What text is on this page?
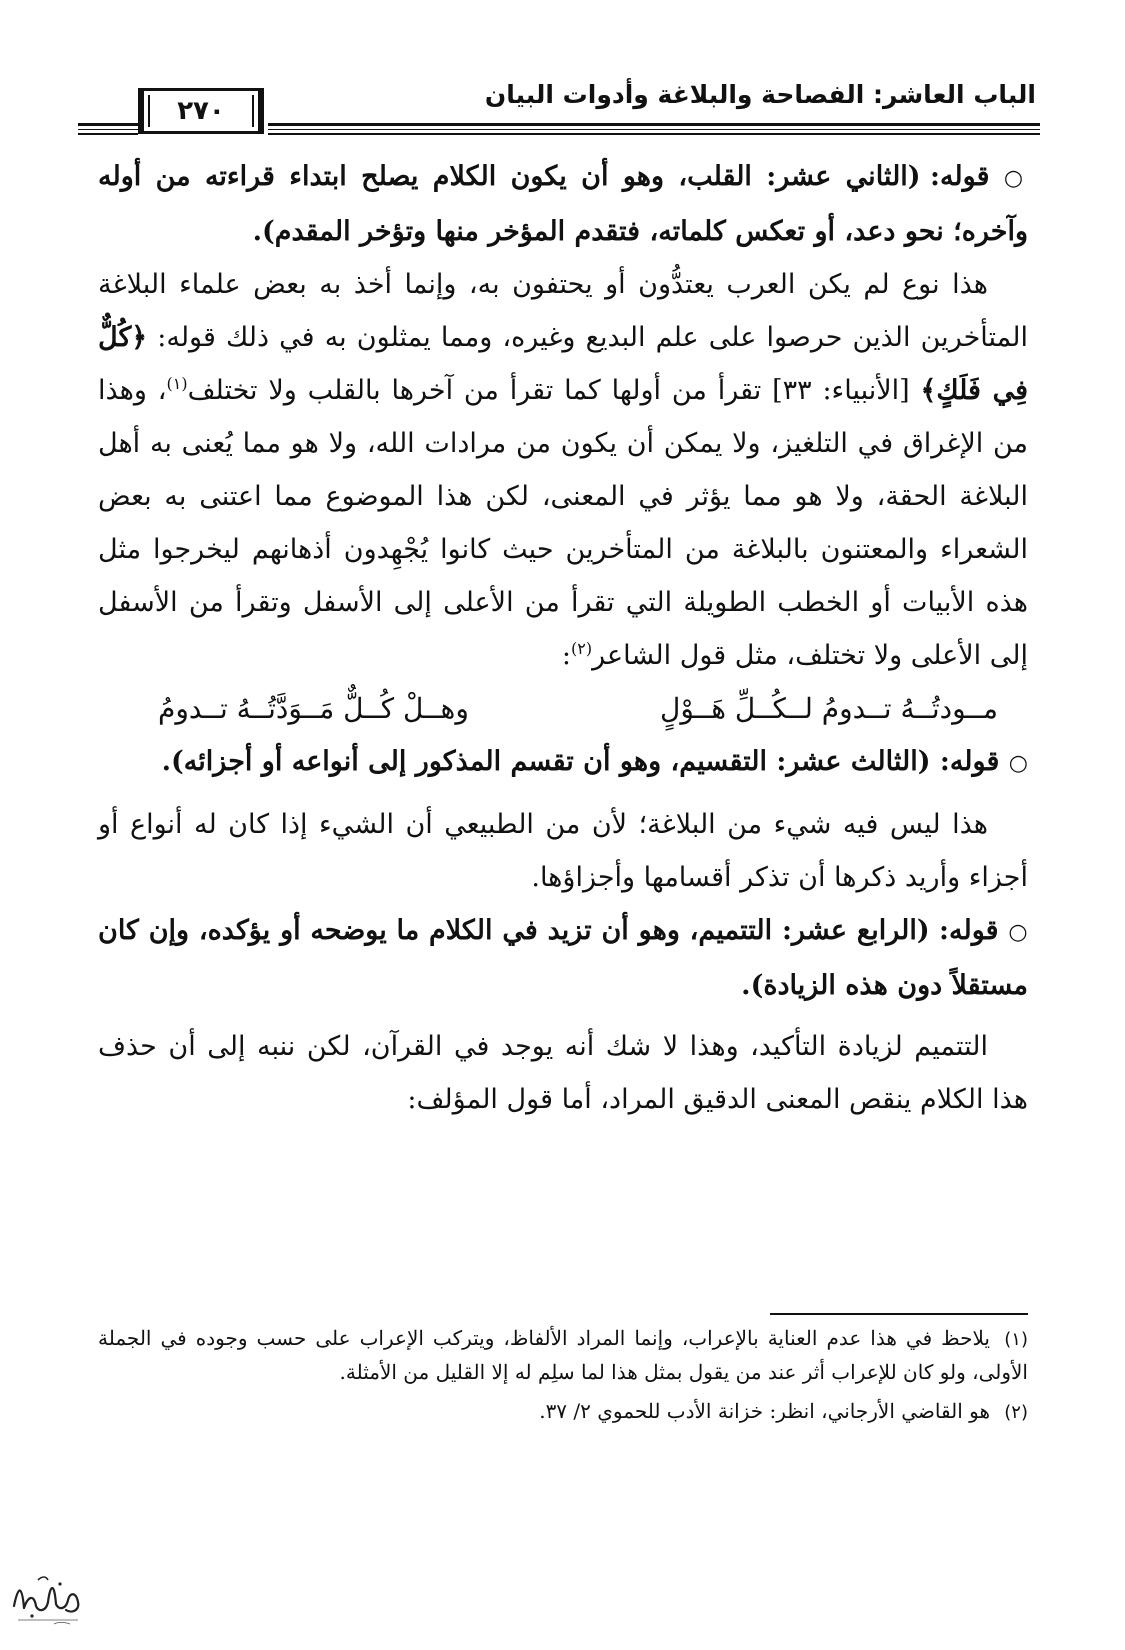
الباب العاشر: الفصاحة والبلاغة وأدوات البيان
٢٧٠

○ قوله: (الثاني عشر: القلب، وهو أن يكون الكلام يصلح ابتداء قراءته من أوله وآخره؛ نحو دعد، أو تعكس كلماته، فتقدم المؤخر منها وتؤخر المقدم).

هذا نوع لم يكن العرب يعتدُّون أو يحتفون به، وإنما أخذ به بعض علماء البلاغة المتأخرين الذين حرصوا على علم البديع وغيره، ومما يمثلون به في ذلك قوله: ﴿كُلٌّ فِي فَلَكٍ﴾ [الأنبياء: ٣٣] تقرأ من أولها كما تقرأ من آخرها بالقلب ولا تختلف$^{(١)}$، وهذا من الإغراق في التلغيز، ولا يمكن أن يكون من مرادات الله، ولا هو مما يُعنى به أهل البلاغة الحقة، ولا هو مما يؤثر في المعنى، لكن هذا الموضوع مما اعتنى به بعض الشعراء والمعتنون بالبلاغة من المتأخرين حيث كانوا يُجْهِدون أذهانهم ليخرجوا مثل هذه الأبيات أو الخطب الطويلة التي تقرأ من الأعلى إلى الأسفل وتقرأ من الأسفل إلى الأعلى ولا تختلف، مثل قول الشاعر$^{(٢)}$:

مــودتُــهُ تــدومُ لــكُــلِّ هَــوْلٍ
وهــلْ كُــلٌّ مَــوَدَّتُــهُ تــدومُ

○ قوله: (الثالث عشر: التقسيم، وهو أن تقسم المذكور إلى أنواعه أو أجزائه).

هذا ليس فيه شيء من البلاغة؛ لأن من الطبيعي أن الشيء إذا كان له أنواع أو أجزاء وأريد ذكرها أن تذكر أقسامها وأجزاؤها.

○ قوله: (الرابع عشر: التتميم، وهو أن تزيد في الكلام ما يوضحه أو يؤكده، وإن كان مستقلاً دون هذه الزيادة).

التتميم لزيادة التأكيد، وهذا لا شك أنه يوجد في القرآن، لكن ننبه إلى أن حذف هذا الكلام ينقص المعنى الدقيق المراد، أما قول المؤلف:

(١)يلاحظ في هذا عدم العناية بالإعراب، وإنما المراد الألفاظ، ويتركب الإعراب على حسب وجوده في الجملة الأولى، ولو كان للإعراب أثر عند من يقول بمثل هذا لما سلِم له إلا القليل من الأمثلة.

(٢)هو القاضي الأرجاني، انظر: خزانة الأدب للحموي ٢/ ٣٧.
